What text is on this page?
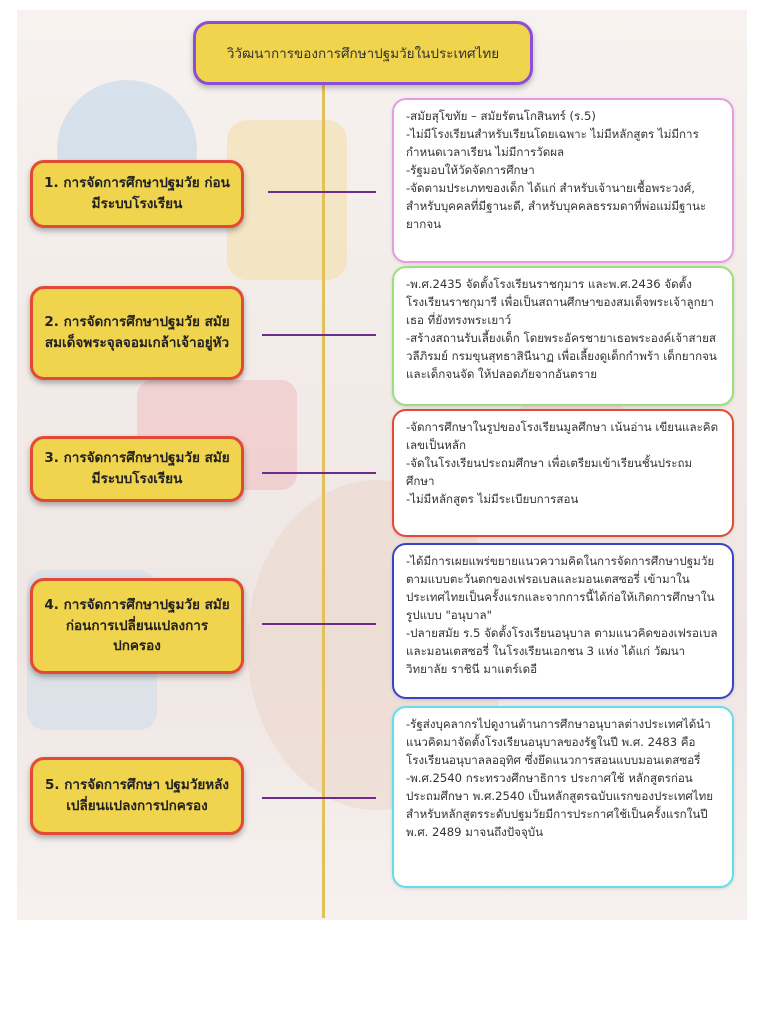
วิวัฒนาการของการศึกษาปฐมวัยในประเทศไทย
1. การจัดการศึกษาปฐมวัย ก่อนมีระบบโรงเรียน

-สมัยสุโขทัย – สมัยรัตนโกสินทร์ (ร.5)

-ไม่มีโรงเรียนสำหรับเรียนโดยเฉพาะ ไม่มีหลักสูตร ไม่มีการกำหนดเวลาเรียน ไม่มีการวัดผล

-รัฐมอบให้วัดจัดการศึกษา

-จัดตามประเภทของเด็ก ได้แก่ สำหรับเจ้านายเชื้อพระวงศ์, สำหรับบุคคลที่มีฐานะดี, สำหรับบุคคลธรรมดาที่พ่อแม่มีฐานะยากจน

2. การจัดการศึกษาปฐมวัย สมัยสมเด็จพระจุลจอมเกล้าเจ้าอยู่หัว

-พ.ศ.2435 จัดตั้งโรงเรียนราชกุมาร และพ.ศ.2436 จัดตั้งโรงเรียนราชกุมารี เพื่อเป็นสถานศึกษาของสมเด็จพระเจ้าลูกยาเธอ ที่ยังทรงพระเยาว์

-สร้างสถานรับเลี้ยงเด็ก โดยพระอัครชายาเธอพระองค์เจ้าสายสวลีภิรมย์ กรมขุนสุทธาสินีนาฏ เพื่อเลี้ยงดูเด็กกำพร้า เด็กยากจน และเด็กจนจัด ให้ปลอดภัยจากอันตราย

3. การจัดการศึกษาปฐมวัย สมัยมีระบบโรงเรียน

-จัดการศึกษาในรูปของโรงเรียนมูลศึกษา เน้นอ่าน เขียนและคิดเลขเป็นหลัก

-จัดในโรงเรียนประถมศึกษา เพื่อเตรียมเข้าเรียนชั้นประถมศึกษา

-ไม่มีหลักสูตร ไม่มีระเบียบการสอน

4. การจัดการศึกษาปฐมวัย สมัยก่อนการเปลี่ยนแปลงการปกครอง

-ได้มีการเผยแพร่ขยายแนวความคิดในการจัดการศึกษาปฐมวัยตามแบบตะวันตกของเฟรอเบลและมอนเตสซอรี่ เข้ามาในประเทศไทยเป็นครั้งแรกและจากการนี้ได้ก่อให้เกิดการศึกษาในรูปแบบ "อนุบาล"

-ปลายสมัย ร.5 จัดตั้งโรงเรียนอนุบาล ตามแนวคิดของเฟรอเบลและมอนเตสซอรี่ ในโรงเรียนเอกชน 3 แห่ง ได้แก่ วัฒนาวิทยาลัย ราชินี มาแตร์เดอี

5. การจัดการศึกษา ปฐมวัยหลังเปลี่ยนแปลงการปกครอง

-รัฐส่งบุคลากรไปดูงานด้านการศึกษาอนุบาลต่างประเทศได้นำแนวคิดมาจัดตั้งโรงเรียนอนุบาลของรัฐในปี พ.ศ. 2483 คือ โรงเรียนอนุบาลลออุทิศ ซึ่งยึดแนวการสอนแบบมอนเตสซอรี่

-พ.ศ.2540 กระทรวงศึกษาธิการ ประกาศใช้ หลักสูตรก่อนประถมศึกษา พ.ศ.2540 เป็นหลักสูตรฉบับแรกของประเทศไทย สำหรับหลักสูตรระดับปฐมวัยมีการประกาศใช้เป็นครั้งแรกในปี พ.ศ. 2489 มาจนถึงปัจจุบัน
